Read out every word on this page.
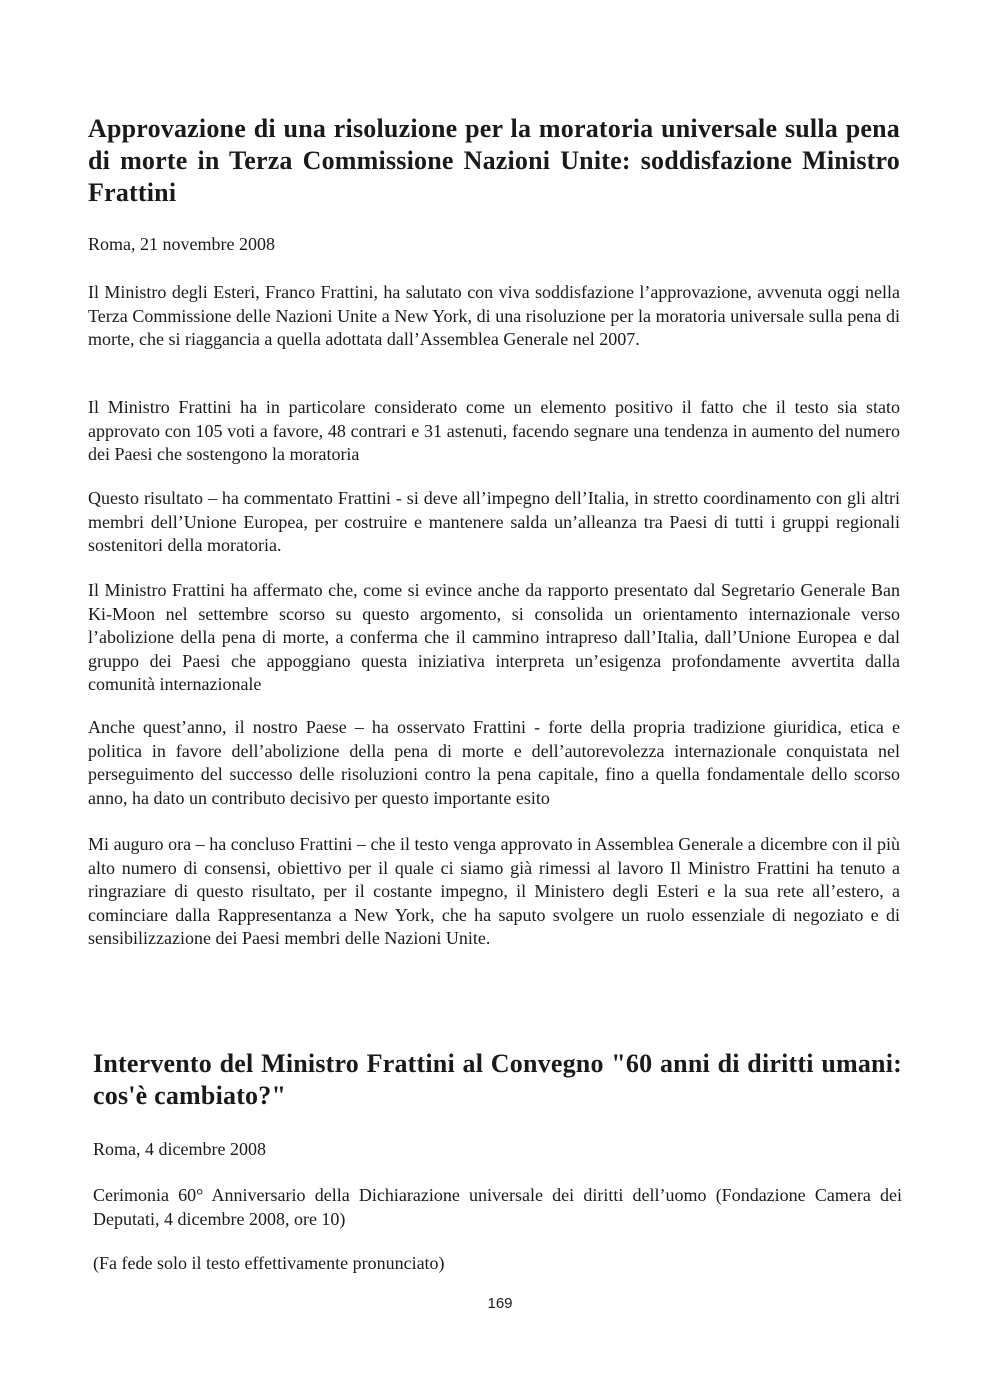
Approvazione di una risoluzione per la moratoria universale sulla pena di morte in Terza Commissione Nazioni Unite: soddisfazione Ministro Frattini

Roma, 21 novembre 2008

Il Ministro degli Esteri, Franco Frattini, ha salutato con viva soddisfazione l’approvazione, avvenuta oggi nella Terza Commissione delle Nazioni Unite a New York, di una risoluzione per la moratoria universale sulla pena di morte, che si riaggancia a quella adottata dall’Assemblea Generale nel 2007.

Il Ministro Frattini ha in particolare considerato come un elemento positivo il fatto che il testo sia stato approvato con 105 voti a favore, 48 contrari e 31 astenuti, facendo segnare una tendenza in aumento del numero dei Paesi che sostengono la moratoria

Questo risultato – ha commentato Frattini - si deve all’impegno dell’Italia, in stretto coordinamento con gli altri membri dell’Unione Europea, per costruire e mantenere salda un’alleanza tra Paesi di tutti i gruppi regionali sostenitori della moratoria.

Il Ministro Frattini ha affermato che, come si evince anche da rapporto presentato dal Segretario Generale Ban Ki-Moon nel settembre scorso su questo argomento, si consolida un orientamento internazionale verso l’abolizione della pena di morte, a conferma che il cammino intrapreso dall’Italia, dall’Unione Europea e dal gruppo dei Paesi che appoggiano questa iniziativa interpreta un’esigenza profondamente avvertita dalla comunità internazionale

Anche quest’anno, il nostro Paese – ha osservato Frattini - forte della propria tradizione giuridica, etica e politica in favore dell’abolizione della pena di morte e dell’autorevolezza internazionale conquistata nel perseguimento del successo delle risoluzioni contro la pena capitale, fino a quella fondamentale dello scorso anno, ha dato un contributo decisivo per questo importante esito

Mi auguro ora – ha concluso Frattini – che il testo venga approvato in Assemblea Generale a dicembre con il più alto numero di consensi, obiettivo per il quale ci siamo già rimessi al lavoro Il Ministro Frattini ha tenuto a ringraziare di questo risultato, per il costante impegno, il Ministero degli Esteri e la sua rete all’estero, a cominciare dalla Rappresentanza a New York, che ha saputo svolgere un ruolo essenziale di negoziato e di sensibilizzazione dei Paesi membri delle Nazioni Unite.

Intervento del Ministro Frattini al Convegno "60 anni di diritti umani: cos'è cambiato?"

Roma, 4 dicembre 2008

Cerimonia 60° Anniversario della Dichiarazione universale dei diritti dell’uomo (Fondazione Camera dei Deputati, 4 dicembre 2008, ore 10)

(Fa fede solo il testo effettivamente pronunciato)

169
